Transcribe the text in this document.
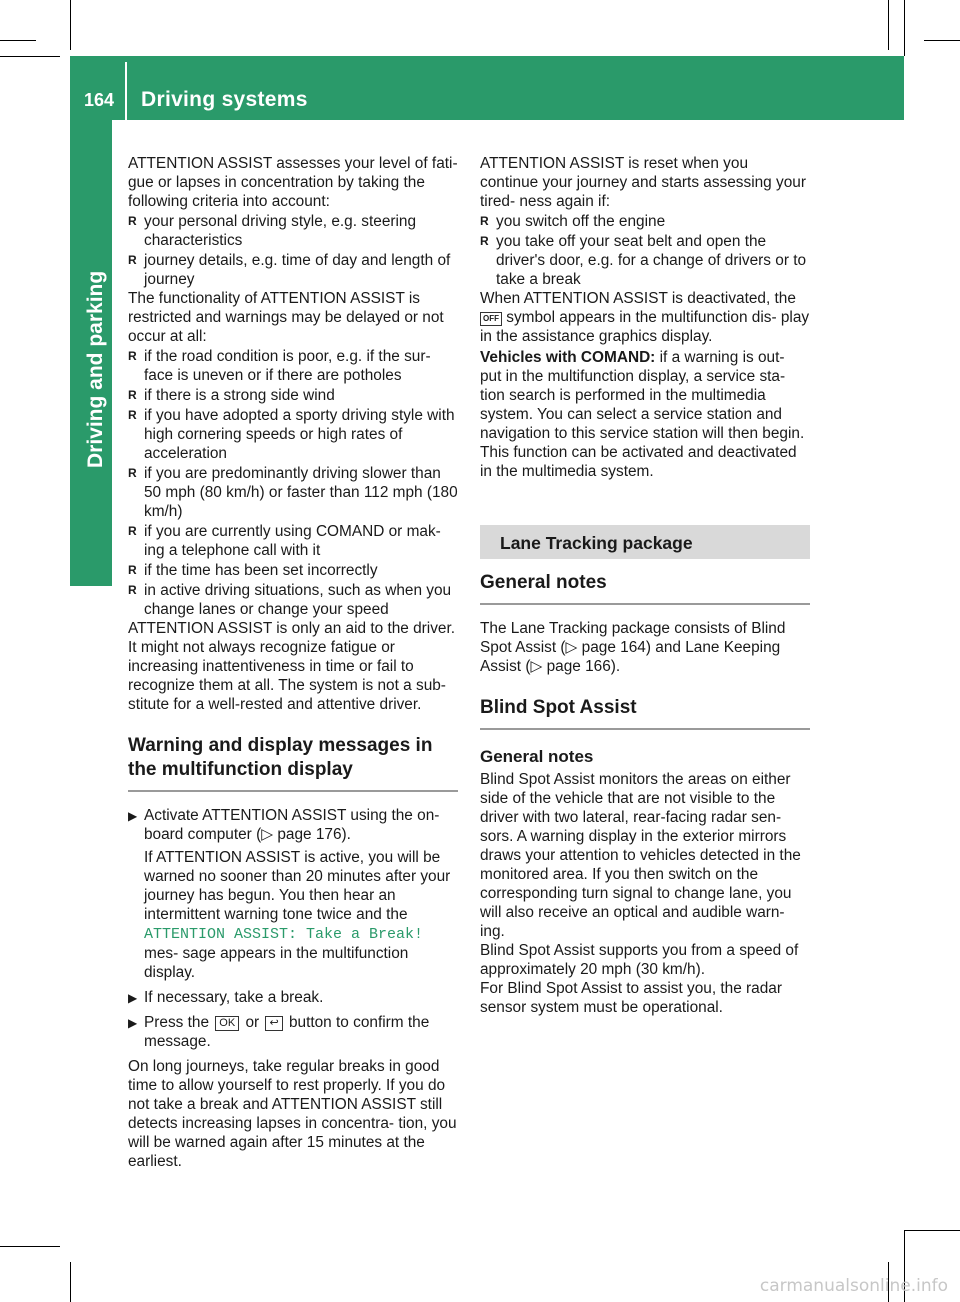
164 Driving systems
Driving and parking

ATTENTION ASSIST assesses your level of fati- gue or lapses in concentration by taking the following criteria into account:

R your personal driving style, e.g. steering characteristics
R journey details, e.g. time of day and length of journey

The functionality of ATTENTION ASSIST is restricted and warnings may be delayed or not occur at all:

R if the road condition is poor, e.g. if the sur- face is uneven or if there are potholes
R if there is a strong side wind
R if you have adopted a sporty driving style with high cornering speeds or high rates of acceleration
R if you are predominantly driving slower than 50 mph (80 km/h) or faster than 112 mph (180 km/h)
R if you are currently using COMAND or mak- ing a telephone call with it
R if the time has been set incorrectly
R in active driving situations, such as when you change lanes or change your speed

ATTENTION ASSIST is only an aid to the driver. It might not always recognize fatigue or increasing inattentiveness in time or fail to recognize them at all. The system is not a sub- stitute for a well-rested and attentive driver.

Warning and display messages in the multifunction display
▶ Activate ATTENTION ASSIST using the on- board computer (▷ page 176).
If ATTENTION ASSIST is active, you will be warned no sooner than 20 minutes after your journey has begun. You then hear an intermittent warning tone twice and the ATTENTION ASSIST: Take a Break! mes- sage appears in the multifunction display.
▶ If necessary, take a break.
▶ Press the OK or ↩ button to confirm the message.

On long journeys, take regular breaks in good time to allow yourself to rest properly. If you do not take a break and ATTENTION ASSIST still detects increasing lapses in concentra- tion, you will be warned again after 15 minutes at the earliest.

ATTENTION ASSIST is reset when you continue your journey and starts assessing your tired- ness again if:

R you switch off the engine
R you take off your seat belt and open the driver's door, e.g. for a change of drivers or to take a break

When ATTENTION ASSIST is deactivated, the
OFF symbol appears in the multifunction dis- play in the assistance graphics display.

Vehicles with COMAND: if a warning is out- put in the multifunction display, a service sta- tion search is performed in the multimedia system. You can select a service station and navigation to this service station will then begin. This function can be activated and deactivated in the multimedia system.

Lane Tracking package
General notes

The Lane Tracking package consists of Blind Spot Assist (▷ page 164) and Lane Keeping Assist (▷ page 166).

Blind Spot Assist
General notes

Blind Spot Assist monitors the areas on either side of the vehicle that are not visible to the driver with two lateral, rear-facing radar sen- sors. A warning display in the exterior mirrors draws your attention to vehicles detected in the monitored area. If you then switch on the corresponding turn signal to change lane, you will also receive an optical and audible warn- ing.

Blind Spot Assist supports you from a speed of approximately 20 mph (30 km/h).

For Blind Spot Assist to assist you, the radar sensor system must be operational.

carmanualsonline.info
